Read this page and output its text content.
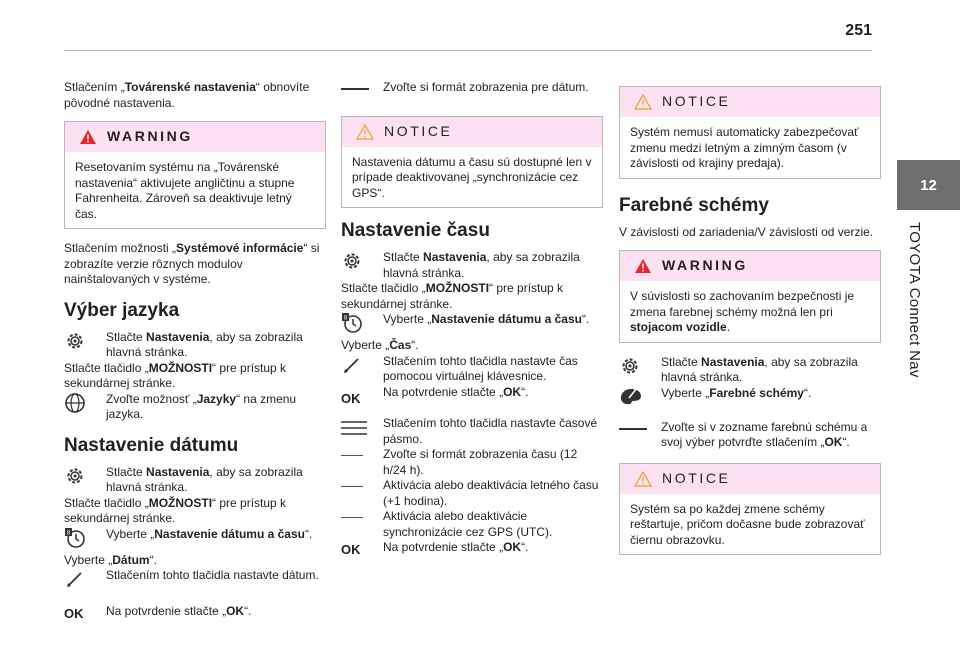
251
12
TOYOTA Connect Nav

Stlačením „Továrenské nastavenia“ obnovíte pôvodné nastavenia.

WARNING

Resetovaním systému na „Továrenské nastavenia“ aktivujete angličtinu a stupne Fahrenheita. Zároveň sa deaktivuje letný čas.

Stlačením možnosti „Systémové informácie“ si zobrazíte verzie rôznych modulov nainštalovaných v systéme.

Výber jazyka

Stlačte Nastavenia, aby sa zobrazila hlavná stránka.

Stlačte tlačidlo „MOŽNOSTI“ pre prístup k sekundárnej stránke.

Zvoľte možnosť „Jazyky“ na zmenu jazyka.

Nastavenie dátumu

Stlačte Nastavenia, aby sa zobrazila hlavná stránka.

Stlačte tlačidlo „MOŽNOSTI“ pre prístup k sekundárnej stránke.

8	Vyberte „Nastavenie dátumu a času“.

Vyberte „Dátum“.

Stlačením tohto tlačidla nastavte dátum.

OK	Na potvrdenie stlačte „OK“.

Zvoľte si formát zobrazenia pre dátum.

NOTICE

Nastavenia dátumu a času sú dostupné len v prípade deaktivovanej „synchronizácie cez GPS“.

Nastavenie času

Stlačte Nastavenia, aby sa zobrazila hlavná stránka.

Stlačte tlačidlo „MOŽNOSTI“ pre prístup k sekundárnej stránke.

8	Vyberte „Nastavenie dátumu a času“.

Vyberte „Čas“.

Stlačením tohto tlačidla nastavte čas pomocou virtuálnej klávesnice.

OK	Na potvrdenie stlačte „OK“.

Stlačením tohto tlačidla nastavte časové pásmo.

Zvoľte si formát zobrazenia času (12 h/24 h).

Aktivácia alebo deaktivácia letného času (+1 hodina).

Aktivácia alebo deaktivácie synchronizácie cez GPS (UTC).

OK	Na potvrdenie stlačte „OK“.

NOTICE

Systém nemusí automaticky zabezpečovať zmenu medzi letným a zimným časom (v závislosti od krajiny predaja).

Farebné schémy

V závislosti od zariadenia/V závislosti od verzie.

WARNING

V súvislosti so zachovaním bezpečnosti je zmena farebnej schémy možná len pri stojacom vozidle.

Stlačte Nastavenia, aby sa zobrazila hlavná stránka.

Vyberte „Farebné schémy“.

Zvoľte si v zozname farebnú schému a svoj výber potvrďte stlačením „OK“.

NOTICE

Systém sa po každej zmene schémy reštartuje, pričom dočasne bude zobrazovať čiernu obrazovku.
